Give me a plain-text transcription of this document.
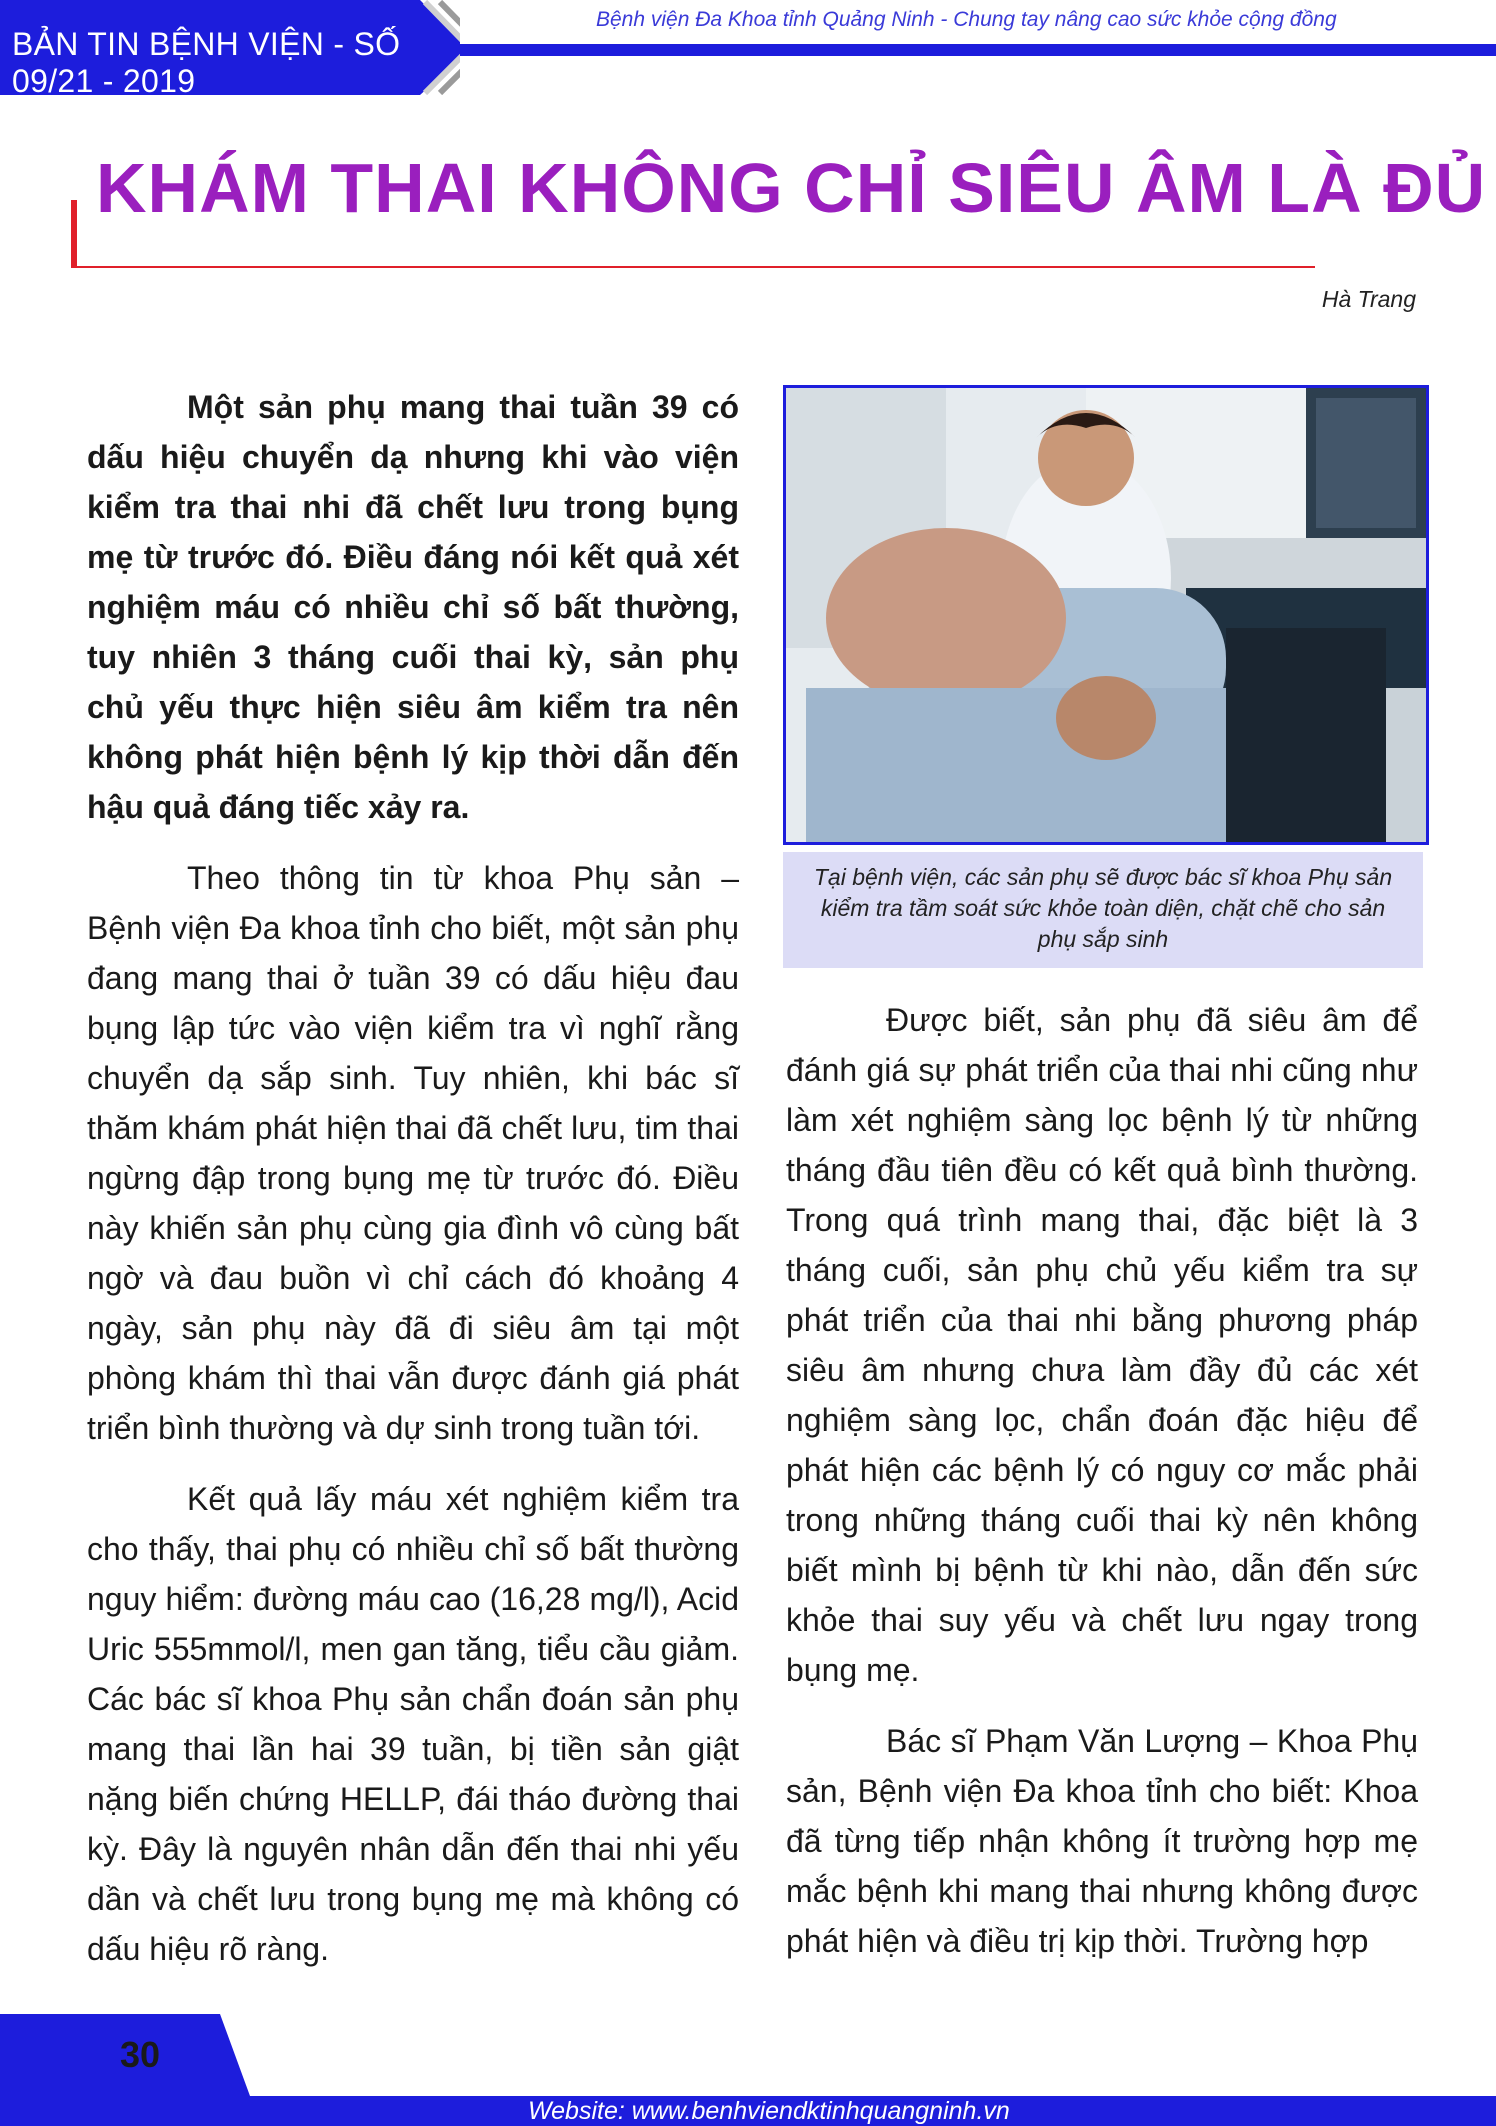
BẢN TIN BỆNH VIỆN - SỐ 09/21 - 2019
Bệnh viện Đa Khoa tỉnh Quảng Ninh - Chung tay nâng cao sức khỏe cộng đồng
KHÁM THAI KHÔNG CHỈ SIÊU ÂM LÀ ĐỦ
Hà Trang

Một sản phụ mang thai tuần 39 có dấu hiệu chuyển dạ nhưng khi vào viện kiểm tra thai nhi đã chết lưu trong bụng mẹ từ trước đó. Điều đáng nói kết quả xét nghiệm máu có nhiều chỉ số bất thường, tuy nhiên 3 tháng cuối thai kỳ, sản phụ chủ yếu thực hiện siêu âm kiểm tra nên không phát hiện bệnh lý kịp thời dẫn đến hậu quả đáng tiếc xảy ra.

Theo thông tin từ khoa Phụ sản – Bệnh viện Đa khoa tỉnh cho biết, một sản phụ đang mang thai ở tuần 39 có dấu hiệu đau bụng lập tức vào viện kiểm tra vì nghĩ rằng chuyển dạ sắp sinh. Tuy nhiên, khi bác sĩ thăm khám phát hiện thai đã chết lưu, tim thai ngừng đập trong bụng mẹ từ trước đó. Điều này khiến sản phụ cùng gia đình vô cùng bất ngờ và đau buồn vì chỉ cách đó khoảng 4 ngày, sản phụ này đã đi siêu âm tại một phòng khám thì thai vẫn được đánh giá phát triển bình thường và dự sinh trong tuần tới.

Kết quả lấy máu xét nghiệm kiểm tra cho thấy, thai phụ có nhiều chỉ số bất thường nguy hiểm: đường máu cao (16,28 mg/l), Acid Uric 555mmol/l, men gan tăng, tiểu cầu giảm. Các bác sĩ khoa Phụ sản chẩn đoán sản phụ mang thai lần hai 39 tuần, bị tiền sản giật nặng biến chứng HELLP, đái tháo đường thai kỳ. Đây là nguyên nhân dẫn đến thai nhi yếu dần và chết lưu trong bụng mẹ mà không có dấu hiệu rõ ràng.

Tại bệnh viện, các sản phụ sẽ được bác sĩ khoa Phụ sản kiểm tra tầm soát sức khỏe toàn diện, chặt chẽ cho sản phụ sắp sinh

Được biết, sản phụ đã siêu âm để đánh giá sự phát triển của thai nhi cũng như làm xét nghiệm sàng lọc bệnh lý từ những tháng đầu tiên đều có kết quả bình thường. Trong quá trình mang thai, đặc biệt là 3 tháng cuối, sản phụ chủ yếu kiểm tra sự phát triển của thai nhi bằng phương pháp siêu âm nhưng chưa làm đầy đủ các xét nghiệm sàng lọc, chẩn đoán đặc hiệu để phát hiện các bệnh lý có nguy cơ mắc phải trong những tháng cuối thai kỳ nên không biết mình bị bệnh từ khi nào, dẫn đến sức khỏe thai suy yếu và chết lưu ngay trong bụng mẹ.

Bác sĩ Phạm Văn Lượng – Khoa Phụ sản, Bệnh viện Đa khoa tỉnh cho biết: Khoa đã từng tiếp nhận không ít trường hợp mẹ mắc bệnh khi mang thai nhưng không được phát hiện và điều trị kịp thời. Trường hợp

30
Website: www.benhviendktinhquangninh.vn
